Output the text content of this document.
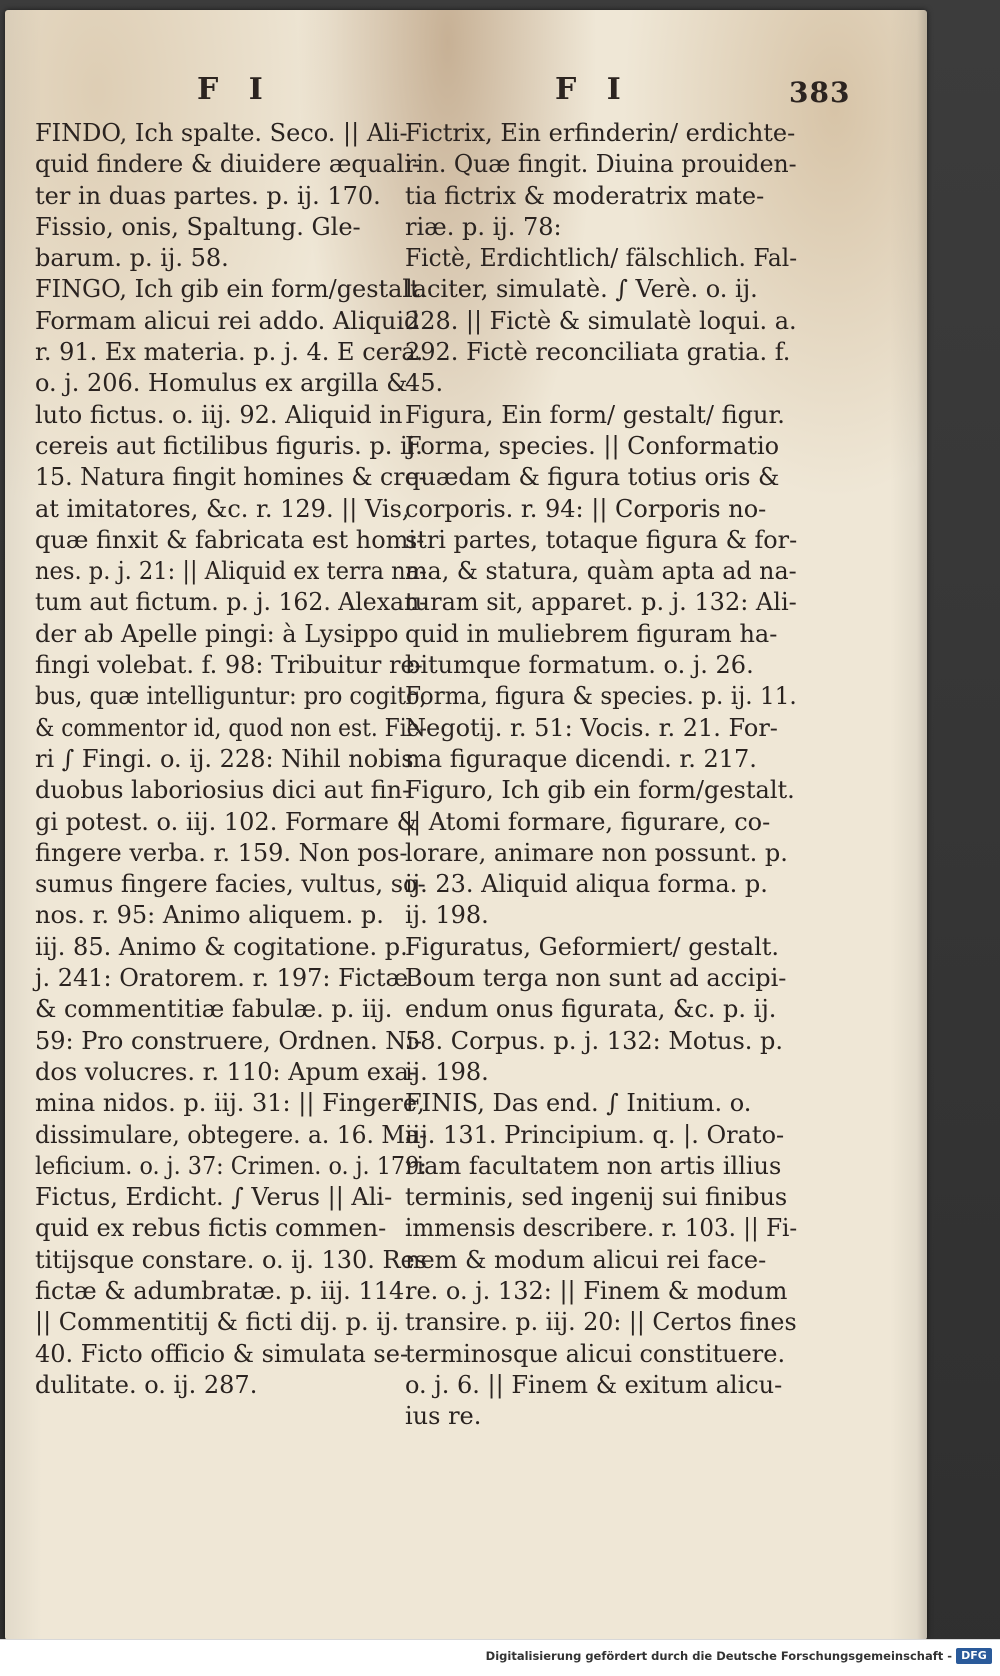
F I	F I	383
FINDO, Ich spalte. Seco. || Ali-
quid findere & diuidere æquali-
ter in duas partes. p. ij. 170.
Fissio, onis, Spaltung. Gle-
barum. p. ij. 58.
FINGO, Ich gib ein form/gestalt.
Formam alicui rei addo. Aliquid
r. 91. Ex materia. p. j. 4. E cera.
o. j. 206. Homulus ex argilla &
luto fictus. o. iij. 92. Aliquid in
cereis aut fictilibus figuris. p. ij.
15. Natura fingit homines & cre-
at imitatores, &c. r. 129. || Vis,
quæ finxit & fabricata est homi-
nes. p. j. 21: || Aliquid ex terra na-
tum aut fictum. p. j. 162. Alexan-
der ab Apelle pingi: à Lysippo
fingi volebat. f. 98: Tribuitur re-
bus, quæ intelliguntur: pro cogito,
& commentor id, quod non est. Fie-
ri ∫ Fingi. o. ij. 228: Nihil nobis
duobus laboriosius dici aut fin-
gi potest. o. iij. 102. Formare &
fingere verba. r. 159. Non pos-
sumus fingere facies, vultus, so-
nos. r. 95: Animo aliquem. p.
iij. 85. Animo & cogitatione. p.
j. 241: Oratorem. r. 197: Fictæ
& commentitiæ fabulæ. p. iij.
59: Pro construere, Ordnen. Ni-
dos volucres. r. 110: Apum exa-
mina nidos. p. iij. 31: || Fingere,
dissimulare, obtegere. a. 16. Ma-
leficium. o. j. 37: Crimen. o. j. 179:
Fictus, Erdicht. ∫ Verus || Ali-
quid ex rebus fictis commen-
titijsque constare. o. ij. 130. Res
fictæ & adumbratæ. p. iij. 114.
|| Commentitij & ficti dij. p. ij.
40. Ficto officio & simulata se-
dulitate. o. ij. 287.
Fictrix, Ein erfinderin/ erdichte-
rin. Quæ fingit. Diuina prouiden-
tia fictrix & moderatrix mate-
riæ. p. ij. 78:
Fictè, Erdichtlich/ fälschlich. Fal-
laciter, simulatè. ∫ Verè. o. ij.
228. || Fictè & simulatè loqui. a.
292. Fictè reconciliata gratia. f.
45.
Figura, Ein form/ gestalt/ figur.
Forma, species. || Conformatio
quædam & figura totius oris &
corporis. r. 94: || Corporis no-
stri partes, totaque figura & for-
ma, & statura, quàm apta ad na-
turam sit, apparet. p. j. 132: Ali-
quid in muliebrem figuram ha-
bitumque formatum. o. j. 26.
Forma, figura & species. p. ij. 11.
Negotij. r. 51: Vocis. r. 21. For-
ma figuraque dicendi. r. 217.
Figuro, Ich gib ein form/gestalt.
|| Atomi formare, figurare, co-
lorare, animare non possunt. p.
ij. 23. Aliquid aliqua forma. p.
ij. 198.
Figuratus, Geformiert/ gestalt.
Boum terga non sunt ad accipi-
endum onus figurata, &c. p. ij.
58. Corpus. p. j. 132: Motus. p.
ij. 198.
FINIS, Das end. ∫ Initium. o.
iij. 131. Principium. q. |. Orato-
riam facultatem non artis illius
terminis, sed ingenij sui finibus
immensis describere. r. 103. || Fi-
nem & modum alicui rei face-
re. o. j. 132: || Finem & modum
transire. p. iij. 20: || Certos fines
terminosque alicui constituere.
o. j. 6. || Finem & exitum alicu-
ius re.
Digitalisierung gefördert durch die Deutsche Forschungsgemeinschaft - DFG
